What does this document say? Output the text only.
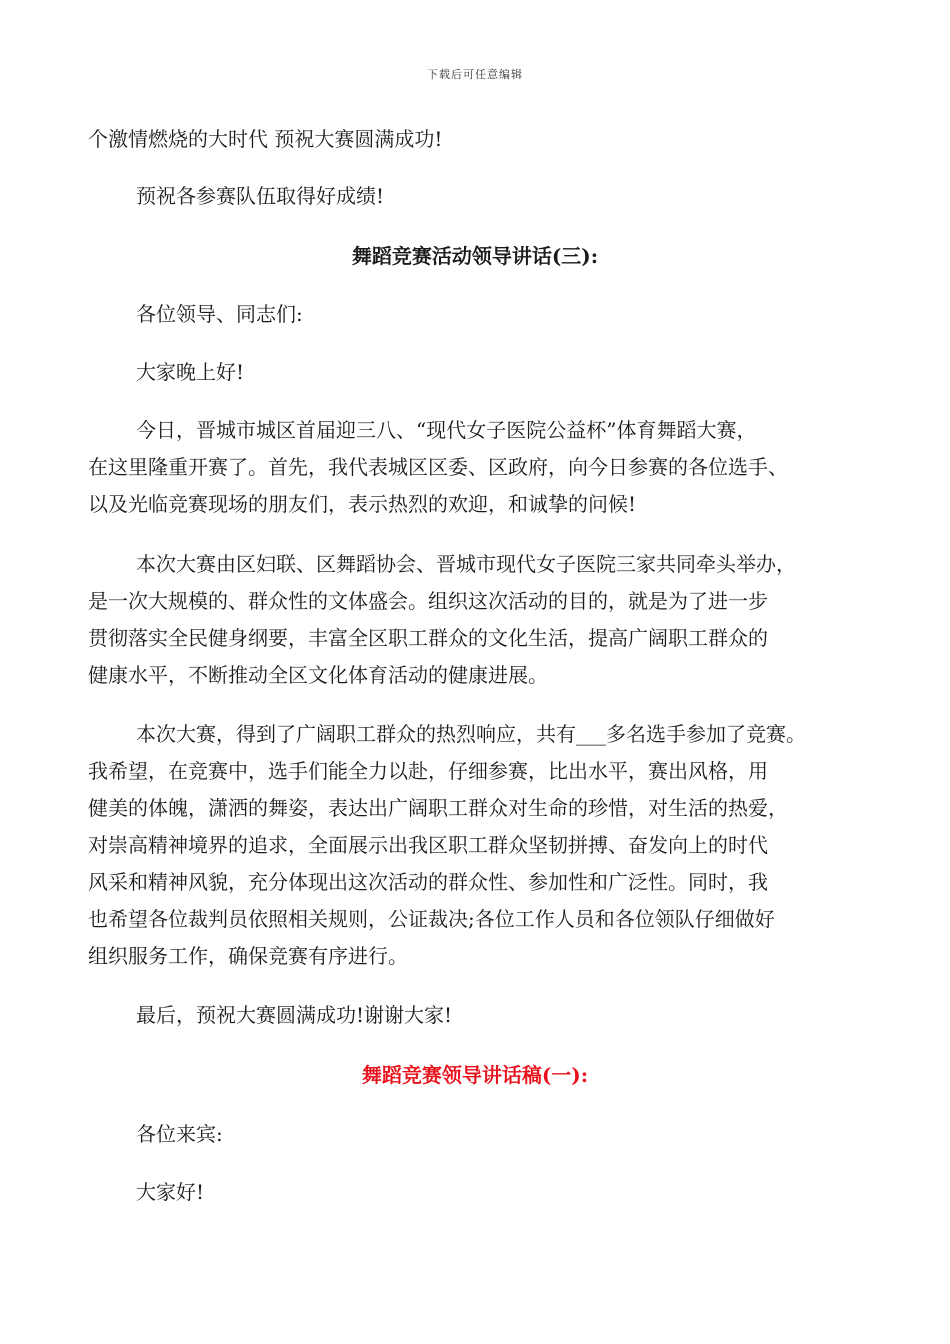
下载后可任意编辑
个激情燃烧的大时代 预祝大赛圆满成功!
预祝各参赛队伍取得好成绩!
舞蹈竞赛活动领导讲话(三):
各位领导、同志们:
大家晚上好!
今日，晋城市城区首届迎三八、“现代女子医院公益杯”体育舞蹈大赛，
在这里隆重开赛了。首先，我代表城区区委、区政府，向今日参赛的各位选手、
以及光临竞赛现场的朋友们，表示热烈的欢迎，和诚挚的问候!
本次大赛由区妇联、区舞蹈协会、晋城市现代女子医院三家共同牵头举办，
是一次大规模的、群众性的文体盛会。组织这次活动的目的，就是为了进一步
贯彻落实全民健身纲要，丰富全区职工群众的文化生活，提高广阔职工群众的
健康水平，不断推动全区文化体育活动的健康进展。
本次大赛，得到了广阔职工群众的热烈响应，共有___多名选手参加了竞赛。
我希望，在竞赛中，选手们能全力以赴，仔细参赛，比出水平，赛出风格，用
健美的体魄，潇洒的舞姿，表达出广阔职工群众对生命的珍惜，对生活的热爱，
对崇高精神境界的追求，全面展示出我区职工群众坚韧拼搏、奋发向上的时代
风采和精神风貌，充分体现出这次活动的群众性、参加性和广泛性。同时，我
也希望各位裁判员依照相关规则，公证裁决;各位工作人员和各位领队仔细做好
组织服务工作，确保竞赛有序进行。
最后，预祝大赛圆满成功!谢谢大家!
舞蹈竞赛领导讲话稿(一):
各位来宾:
大家好!
